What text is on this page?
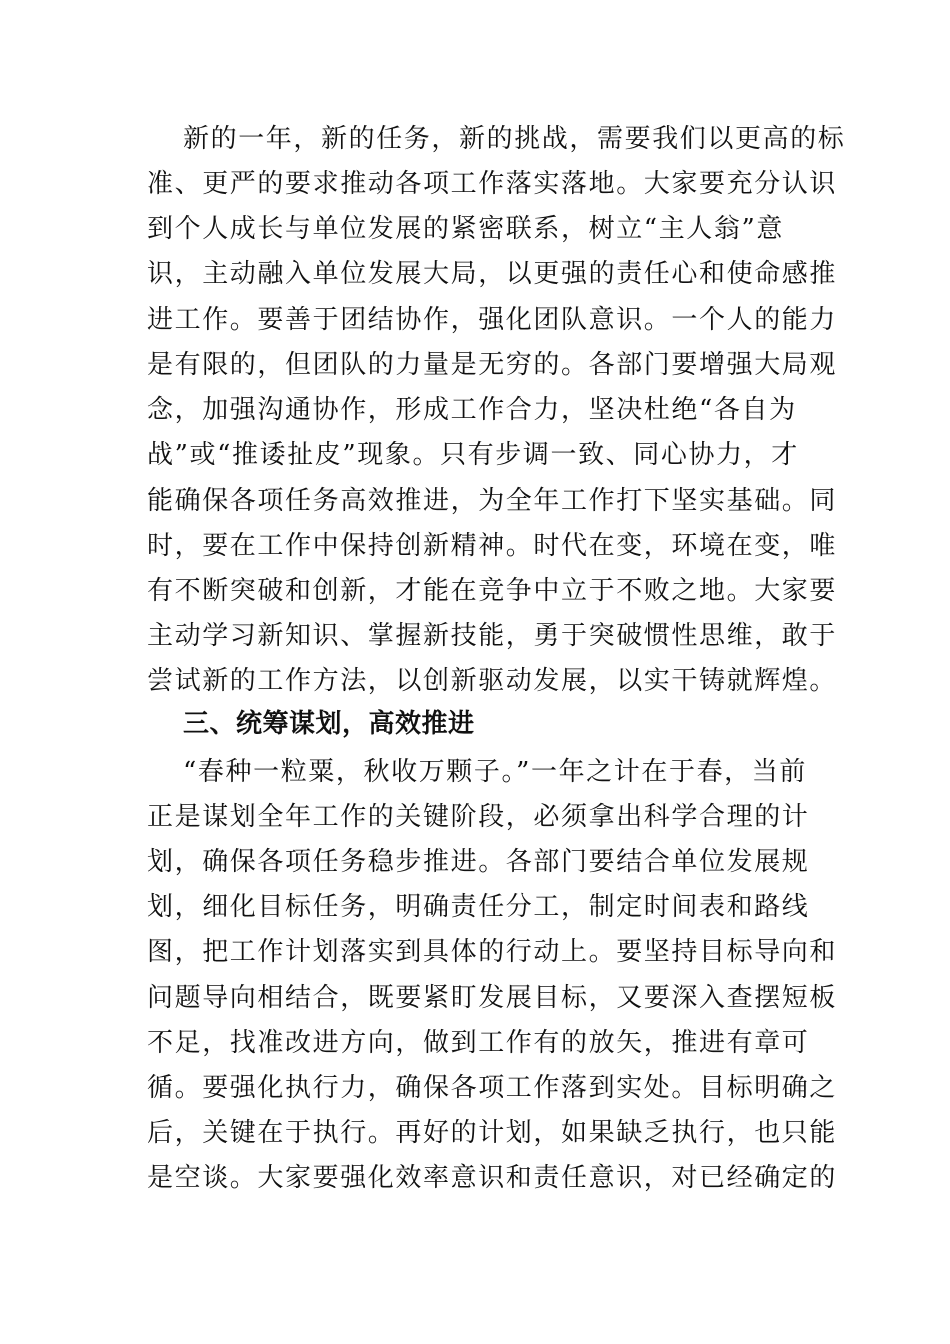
新的一年，新的任务，新的挑战，需要我们以更高的标
准、更严的要求推动各项工作落实落地。大家要充分认识
到个人成长与单位发展的紧密联系，树立“主人翁”意
识，主动融入单位发展大局，以更强的责任心和使命感推
进工作。要善于团结协作，强化团队意识。一个人的能力
是有限的，但团队的力量是无穷的。各部门要增强大局观
念，加强沟通协作，形成工作合力，坚决杜绝“各自为
战”或“推诿扯皮”现象。只有步调一致、同心协力，才
能确保各项任务高效推进，为全年工作打下坚实基础。同
时，要在工作中保持创新精神。时代在变，环境在变，唯
有不断突破和创新，才能在竞争中立于不败之地。大家要
主动学习新知识、掌握新技能，勇于突破惯性思维，敢于
尝试新的工作方法，以创新驱动发展，以实干铸就辉煌。
三、统筹谋划，高效推进
“春种一粒粟，秋收万颗子。”一年之计在于春，当前
正是谋划全年工作的关键阶段，必须拿出科学合理的计
划，确保各项任务稳步推进。各部门要结合单位发展规
划，细化目标任务，明确责任分工，制定时间表和路线
图，把工作计划落实到具体的行动上。要坚持目标导向和
问题导向相结合，既要紧盯发展目标，又要深入查摆短板
不足，找准改进方向，做到工作有的放矢，推进有章可
循。要强化执行力，确保各项工作落到实处。目标明确之
后，关键在于执行。再好的计划，如果缺乏执行，也只能
是空谈。大家要强化效率意识和责任意识，对已经确定的
